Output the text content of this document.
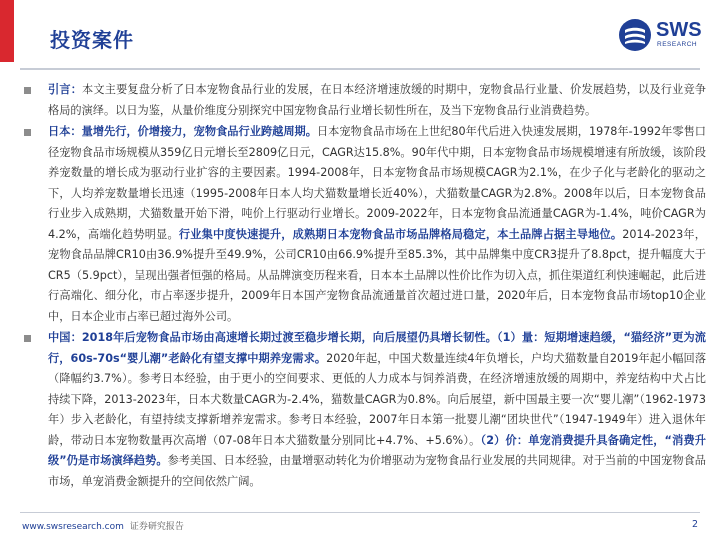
投资案件	SWS
RESEARCH
引言：本文主要复盘分析了日本宠物食品行业的发展，在日本经济增速放缓的时期中，宠物食品行业量、价发展趋势，以及行业竞争格局的演绎。以日为鉴，从量价维度分别探究中国宠物食品行业增长韧性所在，及当下宠物食品行业消费趋势。
日本：量增先行，价增接力，宠物食品行业跨越周期。日本宠物食品市场在上世纪80年代后进入快速发展期，1978年-1992年零售口径宠物食品市场规模从359亿日元增长至2809亿日元，CAGR达15.8%。90年代中期，日本宠物食品市场规模增速有所放缓，该阶段养宠数量的增长成为驱动行业扩容的主要因素。1994-2008年，日本宠物食品市场规模CAGR为2.1%，在少子化与老龄化的驱动之下，人均养宠数量增长迅速（1995-2008年日本人均犬猫数量增长近40%），犬猫数量CAGR为2.8%。2008年以后，日本宠物食品行业步入成熟期，犬猫数量开始下滑，吨价上行驱动行业增长。2009-2022年，日本宠物食品流通量CAGR为-1.4%，吨价CAGR为4.2%，高端化趋势明显。行业集中度快速提升，成熟期日本宠物食品市场品牌格局稳定，本土品牌占据主导地位。2014-2023年，宠物食品品牌CR10由36.9%提升至49.9%，公司CR10由66.9%提升至85.3%，其中品牌集中度CR3提升了8.8pct，提升幅度大于CR5（5.9pct），呈现出强者恒强的格局。从品牌演变历程来看，日本本土品牌以性价比作为切入点，抓住渠道红利快速崛起，此后进行高端化、细分化，市占率逐步提升，2009年日本国产宠物食品流通量首次超过进口量，2020年后，日本宠物食品市场top10企业中，日本企业市占率已超过海外公司。
中国：2018年后宠物食品市场由高速增长期过渡至稳步增长期，向后展望仍具增长韧性。（1）量：短期增速趋缓，“猫经济”更为流行，60s-70s“婴儿潮”老龄化有望支撑中期养宠需求。2020年起，中国犬数量连续4年负增长，户均犬猫数量自2019年起小幅回落（降幅约3.7%）。参考日本经验，由于更小的空间要求、更低的人力成本与饲养消费，在经济增速放缓的周期中，养宠结构中犬占比持续下降，2013-2023年，日本犬数量CAGR为-2.4%，猫数量CAGR为0.8%。向后展望，新中国最主要一次“婴儿潮”（1962-1973年）步入老龄化，有望持续支撑新增养宠需求。参考日本经验，2007年日本第一批婴儿潮“团块世代”（1947-1949年）进入退休年龄，带动日本宠物数量再次高增（07-08年日本犬猫数量分别同比+4.7%、+5.6%）。（2）价：单宠消费提升具备确定性，“消费升级”仍是市场演绎趋势。参考美国、日本经验，由量增驱动转化为价增驱动为宠物食品行业发展的共同规律。对于当前的中国宠物食品市场，单宠消费金额提升的空间依然广阔。
www.swsresearch.com 证券研究报告	2
